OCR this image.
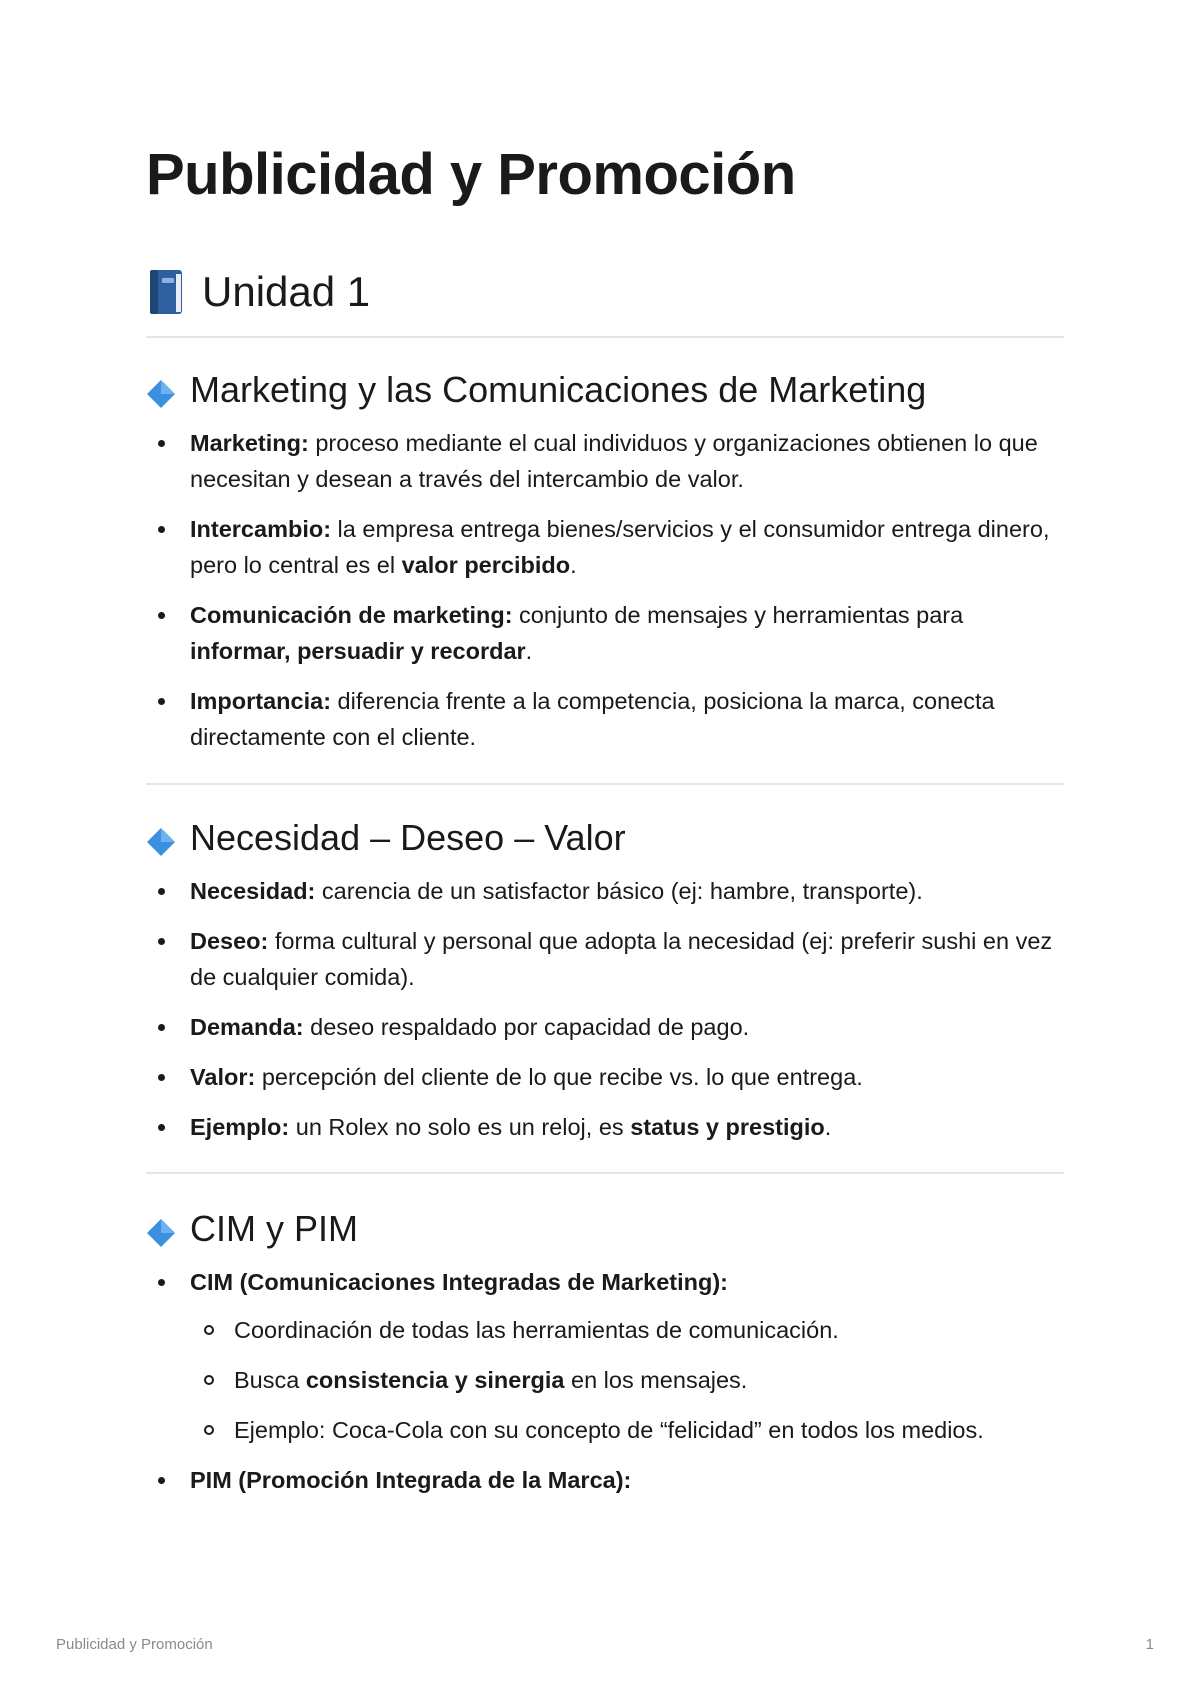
Publicidad y Promoción
Unidad 1
Marketing y las Comunicaciones de Marketing
Marketing: proceso mediante el cual individuos y organizaciones obtienen lo que necesitan y desean a través del intercambio de valor.
Intercambio: la empresa entrega bienes/servicios y el consumidor entrega dinero, pero lo central es el valor percibido.
Comunicación de marketing: conjunto de mensajes y herramientas para informar, persuadir y recordar.
Importancia: diferencia frente a la competencia, posiciona la marca, conecta directamente con el cliente.
Necesidad – Deseo – Valor
Necesidad: carencia de un satisfactor básico (ej: hambre, transporte).
Deseo: forma cultural y personal que adopta la necesidad (ej: preferir sushi en vez de cualquier comida).
Demanda: deseo respaldado por capacidad de pago.
Valor: percepción del cliente de lo que recibe vs. lo que entrega.
Ejemplo: un Rolex no solo es un reloj, es status y prestigio.
CIM y PIM
CIM (Comunicaciones Integradas de Marketing):
Coordinación de todas las herramientas de comunicación.
Busca consistencia y sinergia en los mensajes.
Ejemplo: Coca-Cola con su concepto de “felicidad” en todos los medios.
PIM (Promoción Integrada de la Marca):
Publicidad y Promoción	1
